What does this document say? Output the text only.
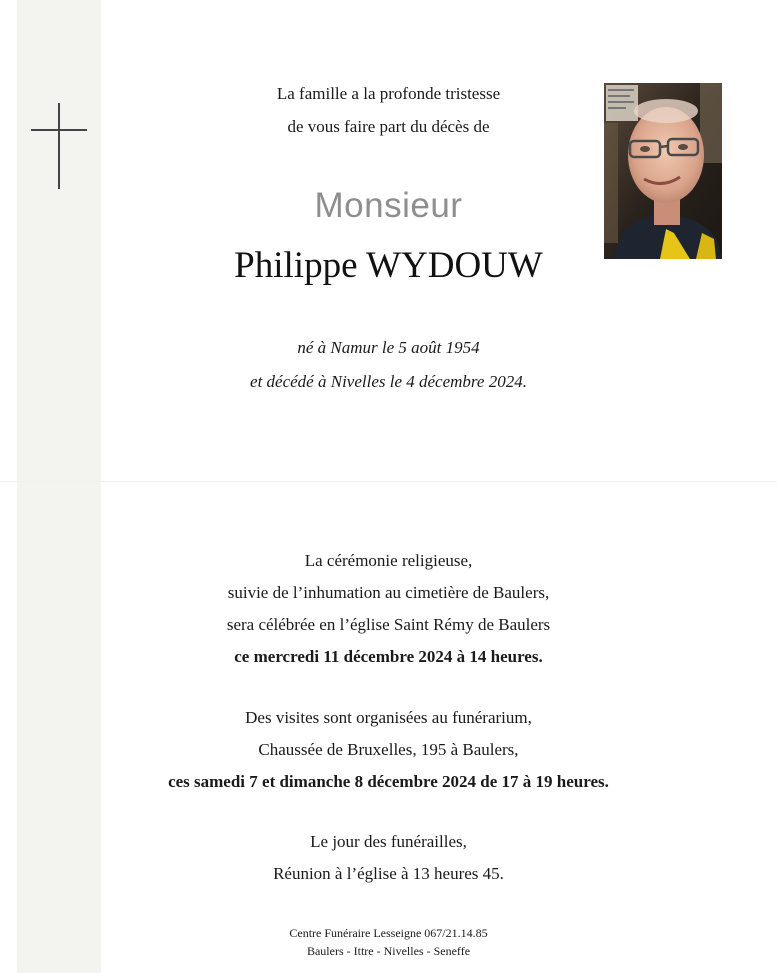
La famille a la profonde tristesse
de vous faire part du décès de
Monsieur
Philippe WYDOUW
né à Namur le 5 août 1954
et décédé à Nivelles le 4 décembre 2024.
La cérémonie religieuse,
suivie de l’inhumation au cimetière de Baulers,
sera célébrée en l’église Saint Rémy de Baulers
ce mercredi 11 décembre 2024 à 14 heures.
Des visites sont organisées au funérarium,
Chaussée de Bruxelles, 195 à Baulers,
ces samedi 7 et dimanche 8 décembre 2024 de 17 à 19 heures.
Le jour des funérailles,
Réunion à l’église à 13 heures 45.
Centre Funéraire Lesseigne 067/21.14.85
Baulers - Ittre - Nivelles - Seneffe
